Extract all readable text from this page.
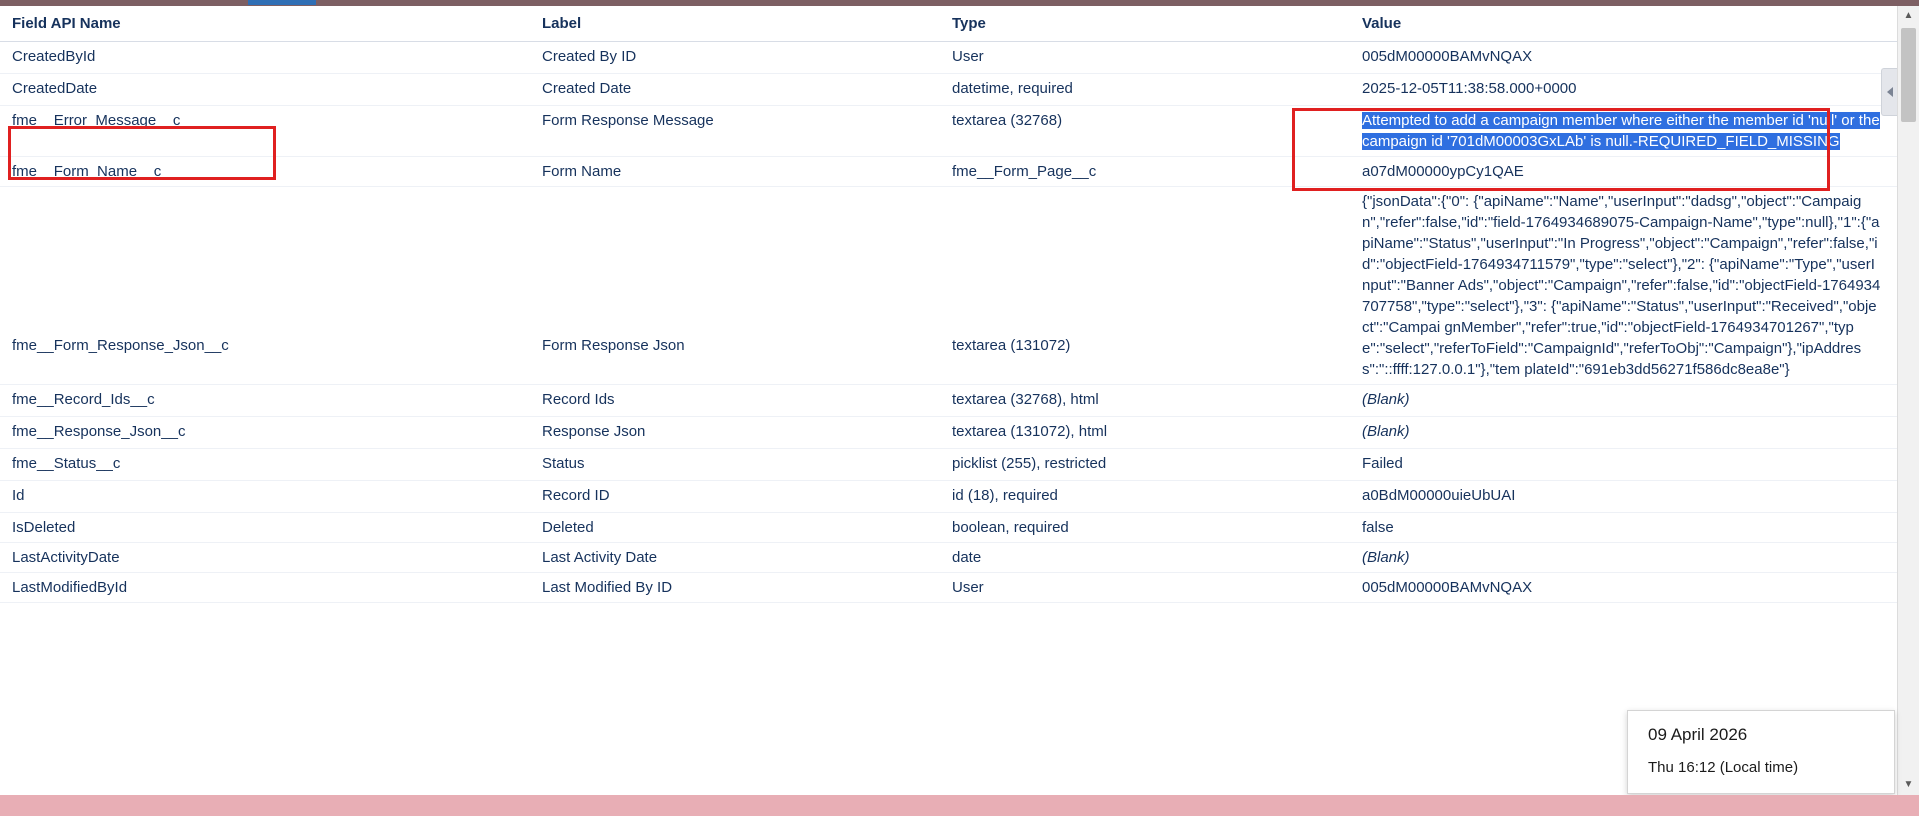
Field API Name	Label	Type	Value	
CreatedById	Created By ID	User	005dM00000BAMvNQAX	
CreatedDate	Created Date	datetime, required	2025-12-05T11:38:58.000+0000	
fme__Error_Message__c	Form Response Message	textarea (32768)	Attempted to add a campaign member where either the member id 'null' or the campaign id '701dM00003GxLAb' is null.-REQUIRED_FIELD_MISSING	
fme__Form_Name__c	Form Name	fme__Form_Page__c	a07dM00000ypCy1QAE	
fme__Form_Response_Json__c	Form Response Json	textarea (131072)	{"jsonData":{"0": {"apiName":"Name","userInput":"dadsg","object":"Campaign","refer":false,"id":"field-1764934689075-Campaign-Name","type":null},"1":{"apiName":"Status","userInput":"In Progress","object":"Campaign","refer":false,"id":"objectField-1764934711579","type":"select"},"2": {"apiName":"Type","userInput":"Banner Ads","object":"Campaign","refer":false,"id":"objectField-1764934707758","type":"select"},"3": {"apiName":"Status","userInput":"Received","object":"Campai gnMember","refer":true,"id":"objectField-1764934701267","type":"select","referToField":"CampaignId","referToObj":"Campaign"},"ipAddress":"::ffff:127.0.0.1"},"tem plateId":"691eb3dd56271f586dc8ea8e"}	
fme__Record_Ids__c	Record Ids	textarea (32768), html	(Blank)	
fme__Response_Json__c	Response Json	textarea (131072), html	(Blank)	
fme__Status__c	Status	picklist (255), restricted	Failed	
Id	Record ID	id (18), required	a0BdM00000uieUbUAI	
IsDeleted	Deleted	boolean, required	false	
LastActivityDate	Last Activity Date	date	(Blank)	
LastModifiedById	Last Modified By ID	User	005dM00000BAMvNQAX	
▲
▼
09 April 2026
Thu 16:12 (Local time)
